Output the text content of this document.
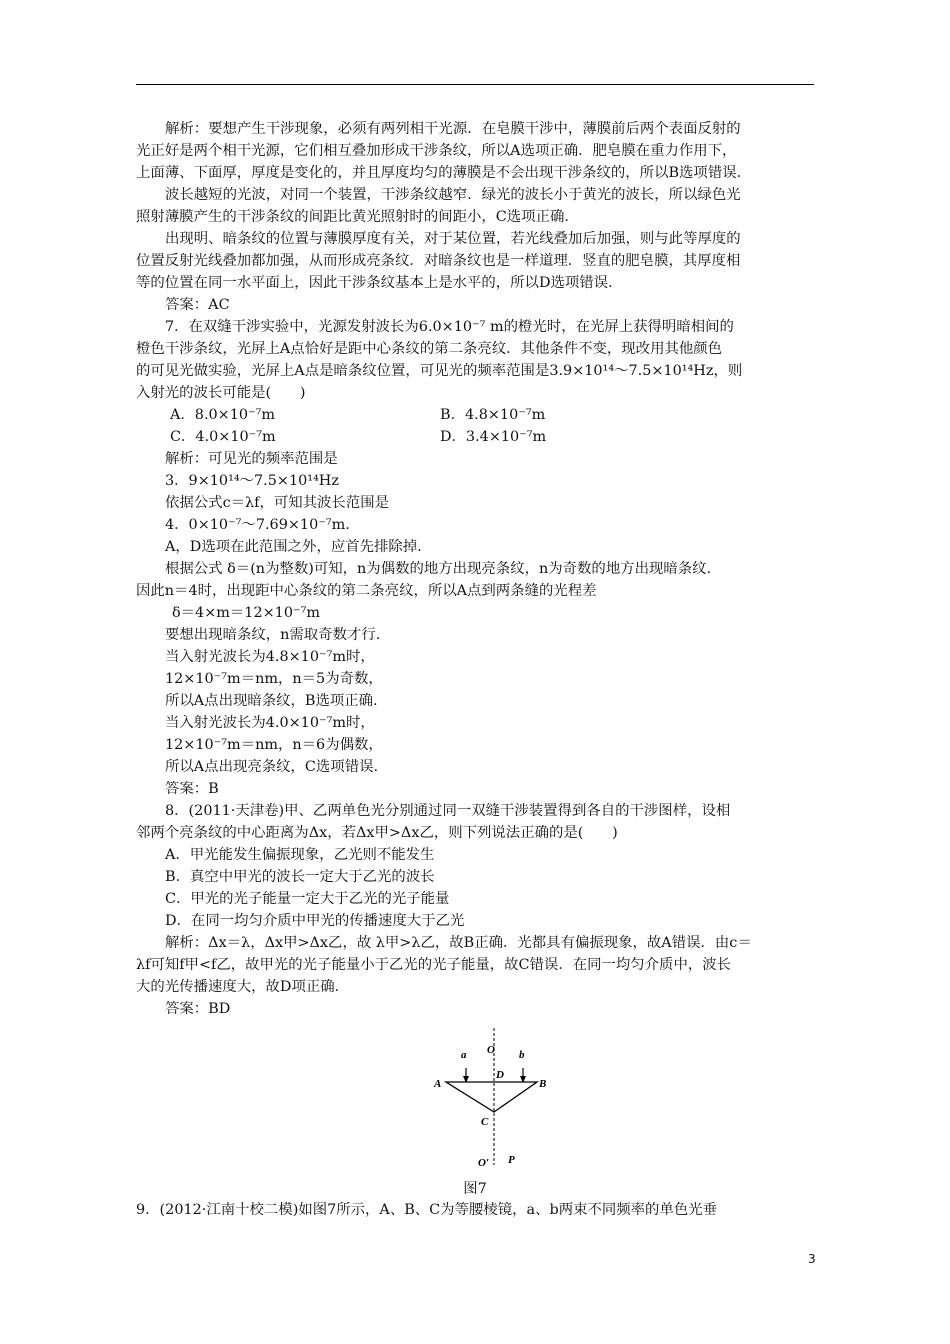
解析：要想产生干涉现象，必须有两列相干光源．在皂膜干涉中，薄膜前后两个表面反射的

光正好是两个相干光源，它们相互叠加形成干涉条纹，所以A选项正确．肥皂膜在重力作用下，

上面薄、下面厚，厚度是变化的，并且厚度均匀的薄膜是不会出现干涉条纹的，所以B选项错误．

波长越短的光波，对同一个装置，干涉条纹越窄．绿光的波长小于黄光的波长，所以绿色光

照射薄膜产生的干涉条纹的间距比黄光照射时的间距小，C选项正确．

出现明、暗条纹的位置与薄膜厚度有关，对于某位置，若光线叠加后加强，则与此等厚度的

位置反射光线叠加都加强，从而形成亮条纹．对暗条纹也是一样道理．竖直的肥皂膜，其厚度相

等的位置在同一水平面上，因此干涉条纹基本上是水平的，所以D选项错误．

答案：AC

7．在双缝干涉实验中，光源发射波长为6.0×10⁻⁷ m的橙光时，在光屏上获得明暗相间的

橙色干涉条纹，光屏上A点恰好是距中心条纹的第二条亮纹．其他条件不变，现改用其他颜色

的可见光做实验，光屏上A点是暗条纹位置，可见光的频率范围是3.9×10¹⁴～7.5×10¹⁴Hz，则

入射光的波长可能是(　　)

A．8.0×10⁻⁷m	B．4.8×10⁻⁷m
C．4.0×10⁻⁷m	D．3.4×10⁻⁷m

解析：可见光的频率范围是

3．9×10¹⁴～7.5×10¹⁴Hz

依据公式c＝λf，可知其波长范围是

4．0×10⁻⁷～7.69×10⁻⁷m.

A，D选项在此范围之外，应首先排除掉.

根据公式 δ＝(n为整数)可知，n为偶数的地方出现亮条纹，n为奇数的地方出现暗条纹.

因此n＝4时，出现距中心条纹的第二条亮纹，所以A点到两条缝的光程差

δ＝4×m＝12×10⁻⁷m

要想出现暗条纹，n需取奇数才行.

当入射光波长为4.8×10⁻⁷m时，

12×10⁻⁷m＝nm，n＝5为奇数，

所以A点出现暗条纹，B选项正确.

当入射光波长为4.0×10⁻⁷m时，

12×10⁻⁷m＝nm，n＝6为偶数，

所以A点出现亮条纹，C选项错误.

答案：B

8．(2011·天津卷)甲、乙两单色光分别通过同一双缝干涉装置得到各自的干涉图样，设相

邻两个亮条纹的中心距离为Δx，若Δx甲>Δx乙，则下列说法正确的是(　　)

A．甲光能发生偏振现象，乙光则不能发生

B．真空中甲光的波长一定大于乙光的波长

C．甲光的光子能量一定大于乙光的光子能量

D．在同一均匀介质中甲光的传播速度大于乙光

解析：Δx＝λ，Δx甲>Δx乙，故 λ甲>λ乙，故B正确．光都具有偏振现象，故A错误．由c＝

λf可知f甲<f乙，故甲光的光子能量小于乙光的光子能量，故C错误．在同一均匀介质中，波长

大的光传播速度大，故D项正确．

答案：BD

a O b
D
A	B
C
O′ P
图7
9．(2012·江南十校二模)如图7所示，A、B、C为等腰棱镜，a、b两束不同频率的单色光垂
3
